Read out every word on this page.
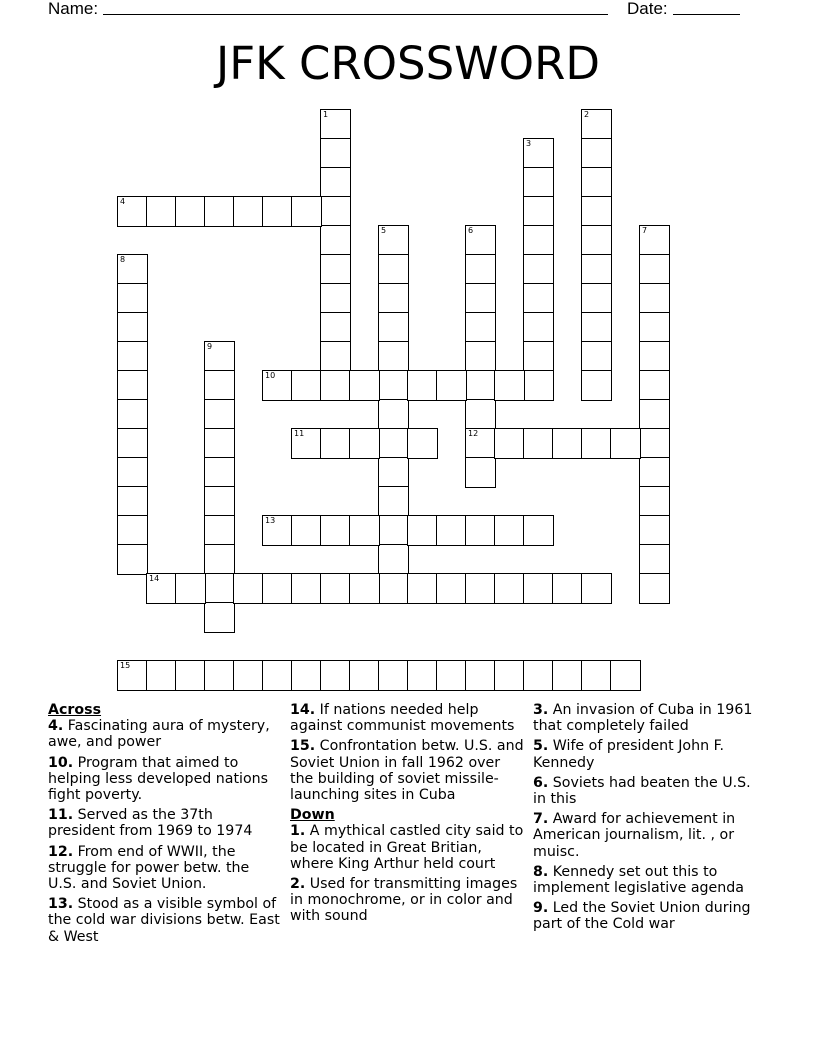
Name:	Date:
JFK CROSSWORD
1	2
3
4
5	6
12
7
8
9
10
11
13
14
15
Across
4. Fascinating aura of mystery, awe, and power
10. Program that aimed to helping less developed nations fight poverty.
11. Served as the 37th president from 1969 to 1974
12. From end of WWII, the struggle for power betw. the U.S. and Soviet Union.
13. Stood as a visible symbol of the cold war divisions betw. East & West
14. If nations needed help against communist movements
15. Confrontation betw. U.S. and Soviet Union in fall 1962 over the building of soviet missile-launching sites in Cuba
Down
1. A mythical castled city said to be located in Great Britian, where King Arthur held court
2. Used for transmitting images in monochrome, or in color and with sound
3. An invasion of Cuba in 1961 that completely failed
5. Wife of president John F. Kennedy
6. Soviets had beaten the U.S. in this
7. Award for achievement in American journalism, lit. , or muisc.
8. Kennedy set out this to implement legislative agenda
9. Led the Soviet Union during part of the Cold war
